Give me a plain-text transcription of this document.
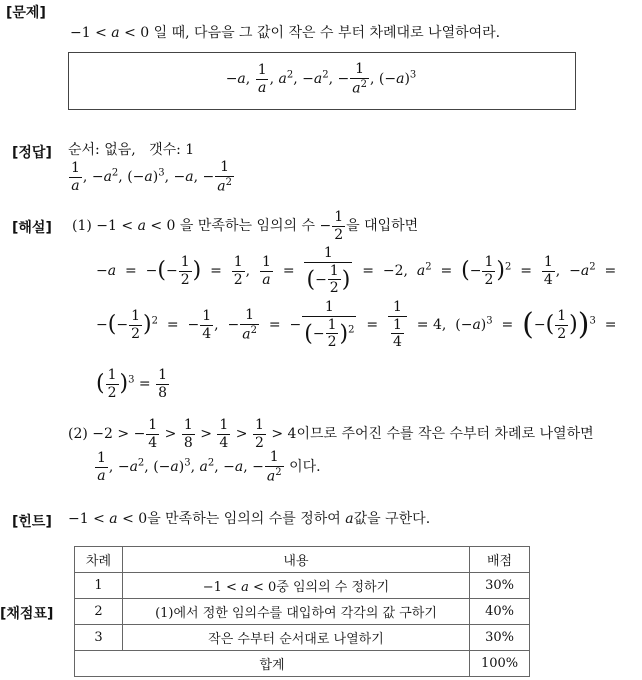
[문제]
−1 < a < 0 일 때, 다음을 그 값이 작은 수 부터 차례대로 나열하여라.
−a, $\frac{1}{a}$ , $a^2$, $-a^2$, − $\frac{1}{a^2}$ , $(-a)^3$
[정답] 순서: 없음, 갯수: 1
$\frac{1}{a}$ , $-a^2$, $(-a)^3$, −a, − $\frac{1}{a^2}$
[해설] (1) −1 < a < 0 을 만족하는 임의의 수 − $\frac{1}{2}$ 을 대입하면
−a  =  −(− $\frac{1}{2}$ )  = $\frac{1}{2}$ , $\frac{1}{a} = \frac{1}{(- \frac{1}{2} )} = -2$,  $a^2$  =  (− $\frac{1}{2} )^2 = \frac{1}{4}$ ,  $-a^2$  =
−(− $\frac{1}{2} )^2$  =  − $\frac{1}{4}$ ,  − $\frac{1}{a^2}$ =  − $\frac{1}{(- \frac{1}{2} )^2} = \frac{1}{\frac{1}{4}} = 4$,  $(-a)^3$  =  (−( $\frac{1}{2} ))^3$  =
( $\frac{1}{2} )^3 = \frac{1}{8}$
(2) −2 > − $\frac{1}{4} > \frac{1}{8} > \frac{1}{4} > \frac{1}{2} > 4$이므로 주어진 수를 작은 수부터 차례로 나열하면
$\frac{1}{a}$ , $-a^2$, $(-a)^3$, $a^2$, −a, − $\frac{1}{a^2}$ 이다.
[힌트] −1 < a < 0을 만족하는 임의의 수를 정하여 a값을 구한다.
[채점표]
차례	내용	배점
1	−1 < a < 0중 임의의 수 정하기	30%
2	(1)에서 정한 임의수를 대입하여 각각의 값 구하기	40%
3	작은 수부터 순서대로 나열하기	30%
합계		100%
